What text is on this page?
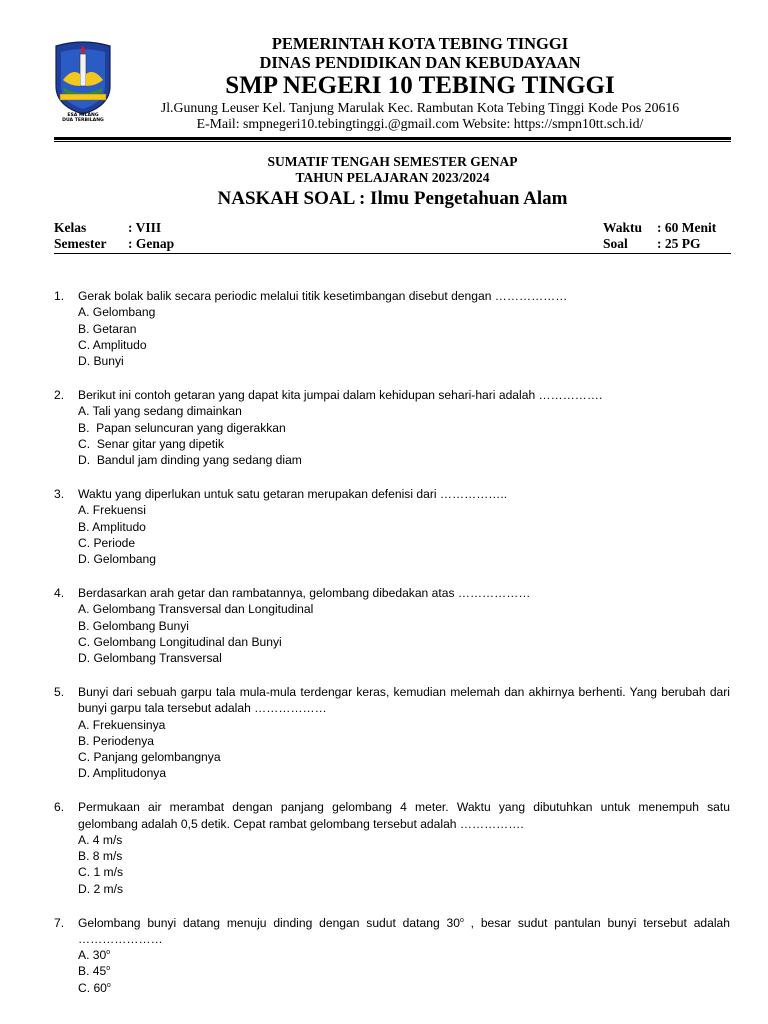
ESA HILANG
DUA TERBILANG
PEMERINTAH KOTA TEBING TINGGI
DINAS PENDIDIKAN DAN KEBUDAYAAN
SMP NEGERI 10 TEBING TINGGI
Jl.Gunung Leuser Kel. Tanjung Marulak Kec. Rambutan Kota Tebing Tinggi Kode Pos 20616
E-Mail: smpnegeri10.tebingtinggi.@gmail.com Website: https://smpn10tt.sch.id/
SUMATIF TENGAH SEMESTER GENAP
TAHUN PELAJARAN 2023/2024
NASKAH SOAL : Ilmu Pengetahuan Alam
Kelas	: VIII	Waktu : 60 Menit
Semester : Genap	Soal : 25 PG
1. Gerak bolak balik secara periodic melalui titik kesetimbangan disebut dengan ………………
A. Gelombang
B. Getaran
C. Amplitudo
D. Bunyi
2. Berikut ini contoh getaran yang dapat kita jumpai dalam kehidupan sehari-hari adalah …………….
A. Tali yang sedang dimainkan
B.  Papan seluncuran yang digerakkan
C.  Senar gitar yang dipetik
D.  Bandul jam dinding yang sedang diam
3. Waktu yang diperlukan untuk satu getaran merupakan defenisi dari ……………..
A. Frekuensi
B. Amplitudo
C. Periode
D. Gelombang
4. Berdasarkan arah getar dan rambatannya, gelombang dibedakan atas ………………
A. Gelombang Transversal dan Longitudinal
B. Gelombang Bunyi
C. Gelombang Longitudinal dan Bunyi
D. Gelombang Transversal
5. Bunyi dari sebuah garpu tala mula-mula terdengar keras, kemudian melemah dan akhirnya berhenti. Yang berubah dari bunyi garpu tala tersebut adalah ………………
A. Frekuensinya
B. Periodenya
C. Panjang gelombangnya
D. Amplitudonya
6. Permukaan air merambat dengan panjang gelombang 4 meter. Waktu yang dibutuhkan untuk menempuh satu gelombang adalah 0,5 detik. Cepat rambat gelombang tersebut adalah …………….
A. 4 m/s
B. 8 m/s
C. 1 m/s
D. 2 m/s
7. Gelombang bunyi datang menuju dinding dengan sudut datang 30$^o$ , besar sudut pantulan bunyi tersebut adalah …………………
A. 30$^o$
B. 45$^o$
C. 60$^o$
